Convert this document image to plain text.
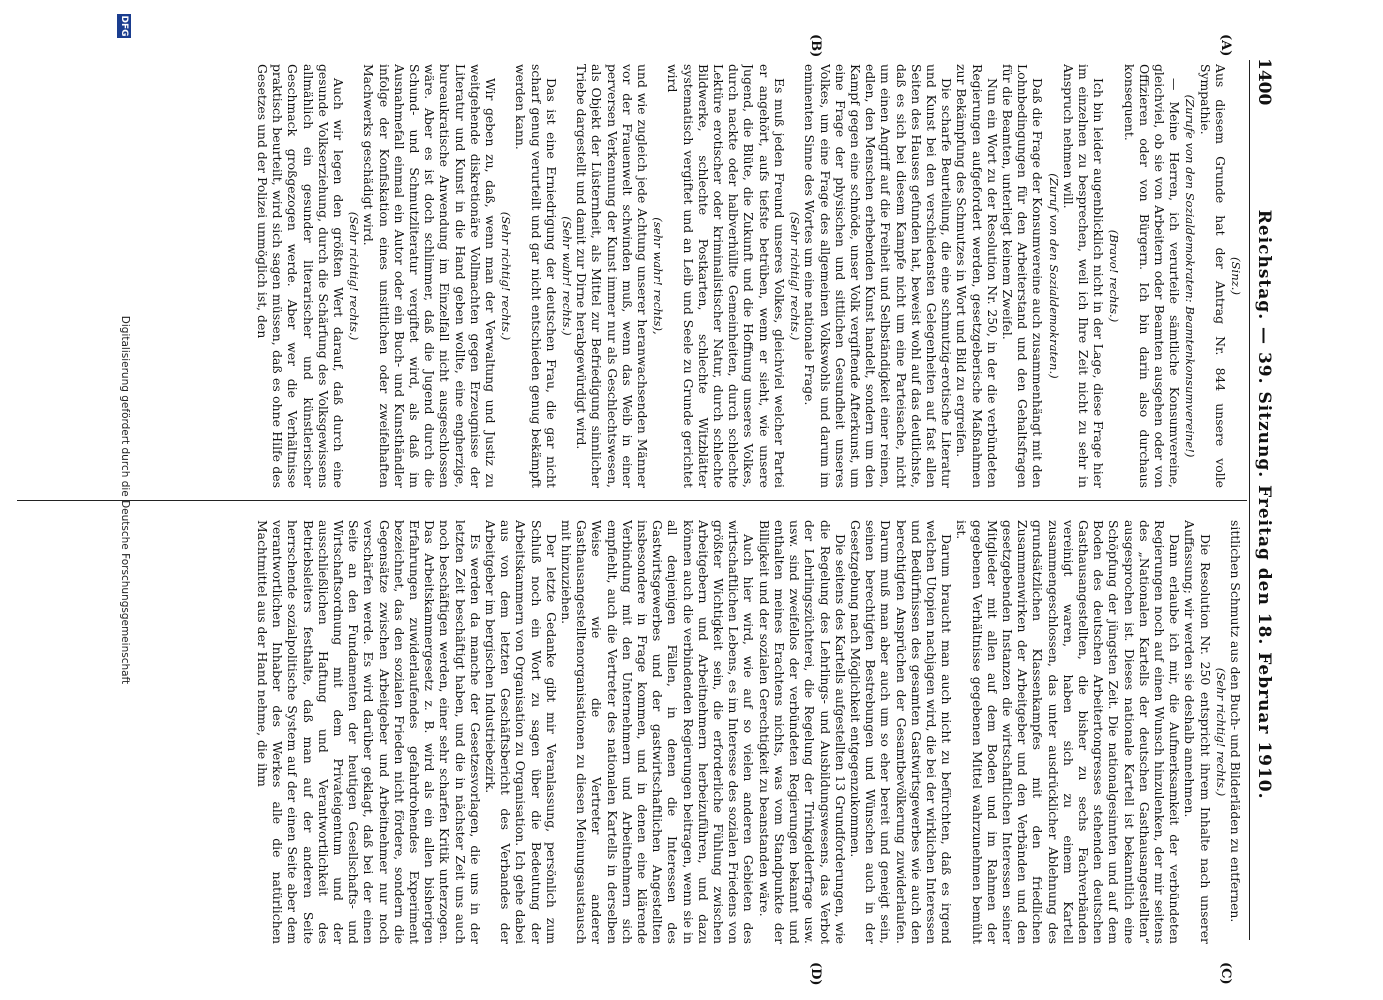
1400
Reichstag. — 39. Sitzung. Freitag den 18. Februar 1910.
(A)
(B)
(C)
(D)

(Sinz.)

Aus diesem Grunde hat der Antrag Nr. 844 unsere volle Sympathie.

(Zurufe von den Sozialdemokraten: Beamtenkonsumvereine!)

— Meine Herren, ich verurteile sämtliche Konsumvereine, gleichviel, ob sie von Arbeitern oder Beamten ausgehen oder von Offizieren oder von Bürgern. Ich bin darin also durchaus konsequent.

(Bravo! rechts.)

Ich bin leider augenblicklich nicht in der Lage, diese Frage hier im einzelnen zu besprechen, weil ich Ihre Zeit nicht zu sehr in Anspruch nehmen will.

(Zuruf von den Sozialdemokraten.)

Daß die Frage der Konsumvereine auch zusammenhängt mit den Lohnbedingungen für den Arbeiterstand und den Gehaltsfragen für die Beamten, unterliegt keinem Zweifel.

Nun ein Wort zu der Resolution Nr. 250, in der die verbündeten Regierungen aufgefordert werden, gesetzgeberische Maßnahmen zur Bekämpfung des Schmutzes in Wort und Bild zu ergreifen.

Die scharfe Beurteilung, die eine schmutzig-erotische Literatur und Kunst bei den verschiedensten Gelegenheiten auf fast allen Seiten des Hauses gefunden hat, beweist wohl auf das deutlichste, daß es sich bei diesem Kampfe nicht um eine Parteisache, nicht um einen Angriff auf die Freiheit und Selbständigkeit einer reinen, edlen, den Menschen erhebenden Kunst handelt, sondern um den Kampf gegen eine schnöde, unser Volk vergiftende Afterkunst, um eine Frage der physischen und sittlichen Gesundheit unseres Volkes, um eine Frage des allgemeinen Volkswohls und darum im eminenten Sinne des Wortes um eine nationale Frage.

(Sehr richtig! rechts.)

Es muß jeden Freund unseres Volkes, gleichviel welcher Partei er angehört, aufs tiefste betrüben, wenn er sieht, wie unsere Jugend, die Blüte, die Zukunft und die Hoffnung unseres Volkes, durch nackte oder halbverhüllte Gemeinheiten, durch schlechte Lektüre erotischer oder kriminalistischer Natur, durch schlechte Bildwerke, schlechte Postkarten, schlechte Witzblätter systematisch vergiftet und an Leib und Seele zu Grunde gerichtet wird

(sehr wahr! rechts),

und wie zugleich jede Achtung unserer heranwachsenden Männer vor der Frauenwelt schwinden muß, wenn das Weib in einer perversen Verkennung der Kunst immer nur als Geschlechtswesen, als Objekt der Lüsternheit, als Mittel zur Befriedigung sinnlicher Triebe dargestellt und damit zur Dirne herabgewürdigt wird.

(Sehr wahr! rechts.)

Das ist eine Erniedrigung der deutschen Frau, die gar nicht scharf genug verurteilt und gar nicht entschieden genug bekämpft werden kann.

(Sehr richtig! rechts.)

Wir geben zu, daß, wenn man der Verwaltung und Justiz zu weitgehende diskretionäre Vollmachten gegen Erzeugnisse der Literatur und Kunst in die Hand geben wollte, eine engherzige, bureaukratische Anwendung im Einzelfall nicht ausgeschlossen wäre. Aber es ist doch schlimmer, daß die Jugend durch die Schund- und Schmutzliteratur vergiftet wird, als daß im Ausnahmefall einmal ein Autor oder ein Buch- und Kunsthändler infolge der Konfiskation eines unsittlichen oder zweifelhaften Machwerks geschädigt wird.

(Sehr richtig! rechts.)

Auch wir legen den größten Wert darauf, daß durch eine gesunde Volkserziehung, durch die Schärfung des Volksgewissens allmählich ein gesunder literarischer und künstlerischer Geschmack großgezogen werde. Aber wer die Verhältnisse praktisch beurteilt, wird sich sagen müssen, daß es ohne Hilfe des Gesetzes und der Polizei unmöglich ist, den

sittlichen Schmutz aus den Buch- und Bilderläden zu entfernen.

(Sehr richtig! rechts.)

Die Resolution Nr. 250 entspricht ihrem Inhalte nach unserer Auffassung; wir werden sie deshalb annehmen.

Dann erlaube ich mir, die Aufmerksamkeit der verbündeten Regierungen noch auf einen Wunsch hinzulenken, der mir seitens des „Nationalen Kartells der deutschen Gasthausangestellten“ ausgesprochen ist. Dieses nationale Kartell ist bekanntlich eine Schöpfung der jüngsten Zeit. Die nationalgesinnten und auf dem Boden des deutschen Arbeitertongresses stehenden deutschen Gasthausangestellten, die bisher zu sechs Fachverbänden vereinigt waren, haben sich zu einem Kartell zusammengeschlossen, das unter ausdrücklicher Ablehnung des grundsätzlichen Klassenkampfes mit den friedlichen Zusammenwirken der Arbeitgeber und den Verbänden und den gesetzgebenden Instanzen die wirtschaftlichen Interessen seiner Mitglieder mit allen auf dem Boden und im Rahmen der gegebenen Verhältnisse gegebenen Mittel wahrzunehmen bemüht ist.

Darum braucht man auch nicht zu befürchten, daß es irgend welchen Utopien nachjagen wird, die bei der wirklichen Interessen und Bedürfnissen des gesamten Gastwirtsgewerbes wie auch den berechtigten Ansprüchen der Gesamtbevölkerung zuwiderlaufen. Darum muß man aber auch um so eher bereit und geneigt sein, seinen berechtigten Bestrebungen und Wünschen auch in der Gesetzgebung nach Möglichkeit entgegenzukommen.

Die seitens des Kartells aufgestellten 13 Grundforderungen, wie die Regelung des Lehrlings- und Ausbildungswesens, das Verbot der Lehrlingszüchterei, die Regelung der Trinkgelderfrage usw. usw. sind zweifellos der verbündeten Regierungen bekannt und enthalten meines Erachtens nichts, was vom Standpunkte der Billigkeit und der sozialen Gerechtigkeit zu beanstanden wäre.

Auch hier wird, wie auf so vielen anderen Gebieten des wirtschaftlichen Lebens, es im Interesse des sozialen Friedens von größter Wichtigkeit sein, die erforderliche Fühlung zwischen Arbeitgebern und Arbeitnehmern herbeizuführen, und dazu können auch die verbindenden Regierungen beitragen, wenn sie in all denjenigen Fällen, in denen die Interessen des Gastwirtsgewerbes und der gastwirtschaftlichen Angestellten insbesondere in Frage kommen, und in denen eine klärende Verbindung mit den Unternehmern und Arbeitnehmern sich empfiehlt, auch die Vertreter des nationalen Kartells in derselben Weise wie die Vertreter anderer Gasthausangestelltenorganisationen zu diesen Meinungsaustausch mit hinzuziehen.

Der letzte Gedanke gibt mir Veranlassung, persönlich zum Schluß noch ein Wort zu sagen über die Bedeutung der Arbeitskammern von Organisation zu Organisation. Ich gehe dabei aus von dem letzten Geschäftsbericht des Verbandes der Arbeitgeber im bergischen Industriebezirk.

Es werden da manche der Gesetzesvorlagen, die uns in der letzten Zeit beschäftigt haben, und die in nächster Zeit uns auch noch beschäftigen werden, einer sehr scharfen Kritik unterzogen. Das Arbeitskammergesetz z. B. wird als ein allen bisherigen Erfahrungen zuwiderlaufendes gefahrdrohendes Experiment bezeichnet, das den sozialen Frieden nicht fördere, sondern die Gegensätze zwischen Arbeitgeber und Arbeitnehmer nur noch verschärfen werde. Es wird darüber geklagt, daß bei der einen Seite an den Fundamenten der heutigen Gesellschafts- und Wirtschaftsordnung mit dem Privateigentum und der ausschließlichen Haftung und Verantwortlichkeit des Betriebsleiters festhalte, daß man auf der anderen Seite herrschende sozialpolitische System auf der einen Seite aber dem verantwortlichen Inhaber des Werkes alle die natürlichen Machtmittel aus der Hand nehme, die ihm

DFG
Digitalisierung gefördert durch die Deutsche Forschungsgemeinschaft
